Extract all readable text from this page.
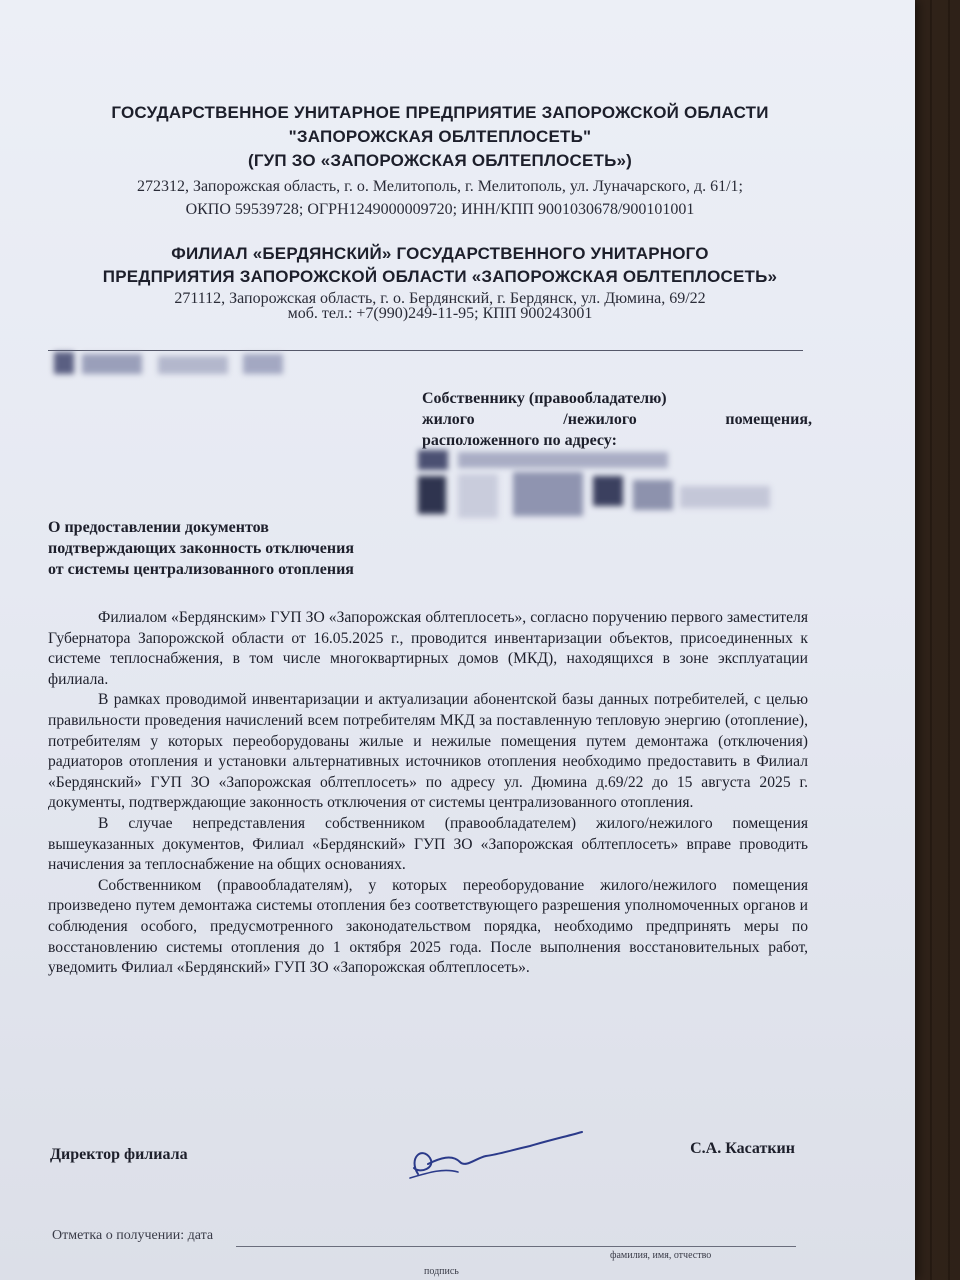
ГОСУДАРСТВЕННОЕ УНИТАРНОЕ ПРЕДПРИЯТИЕ ЗАПОРОЖСКОЙ ОБЛАСТИ
"ЗАПОРОЖСКАЯ ОБЛТЕПЛОСЕТЬ"
(ГУП ЗО «ЗАПОРОЖСКАЯ ОБЛТЕПЛОСЕТЬ»)
272312, Запорожская область, г. о. Мелитополь, г. Мелитополь, ул. Луначарского, д. 61/1;
ОКПО 59539728; ОГРН1249000009720; ИНН/КПП 9001030678/900101001
ФИЛИАЛ «БЕРДЯНСКИЙ» ГОСУДАРСТВЕННОГО УНИТАРНОГО
ПРЕДПРИЯТИЯ ЗАПОРОЖСКОЙ ОБЛАСТИ «ЗАПОРОЖСКАЯ ОБЛТЕПЛОСЕТЬ»
271112, Запорожская область, г. о. Бердянский, г. Бердянск, ул. Дюмина, 69/22
моб. тел.: +7(990)249-11-95; КПП 900243001
Собственнику (правообладателю)
жилого	/нежилого	помещения,
расположенного по адресу:
О предоставлении документов
подтверждающих законность отключения
от системы централизованного отопления

Филиалом «Бердянским» ГУП ЗО «Запорожская облтеплосеть», согласно поручению первого заместителя Губернатора Запорожской области от 16.05.2025 г., проводится инвентаризации объектов, присоединенных к системе теплоснабжения, в том числе многоквартирных домов (МКД), находящихся в зоне эксплуатации филиала.

В рамках проводимой инвентаризации и актуализации абонентской базы данных потребителей, с целью правильности проведения начислений всем потребителям МКД за поставленную тепловую энергию (отопление), потребителям у которых переоборудованы жилые и нежилые помещения путем демонтажа (отключения) радиаторов отопления и установки альтернативных источников отопления необходимо предоставить в Филиал «Бердянский» ГУП ЗО «Запорожская облтеплосеть» по адресу ул. Дюмина д.69/22 до 15 августа 2025 г. документы, подтверждающие законность отключения от системы централизованного отопления.

В случае непредставления собственником (правообладателем) жилого/нежилого помещения вышеуказанных документов, Филиал «Бердянский» ГУП ЗО «Запорожская облтеплосеть» вправе проводить начисления за теплоснабжение на общих основаниях.

Собственником (правообладателям), у которых переоборудование жилого/нежилого помещения произведено путем демонтажа системы отопления без соответствующего разрешения уполномоченных органов и соблюдения особого, предусмотренного законодательством порядка, необходимо предпринять меры по восстановлению системы отопления до 1 октября 2025 года. После выполнения восстановительных работ, уведомить Филиал «Бердянский» ГУП ЗО «Запорожская облтеплосеть».

Директор филиала	С.А. Касаткин
Отметка о получении: дата
подпись
фамилия, имя, отчество
